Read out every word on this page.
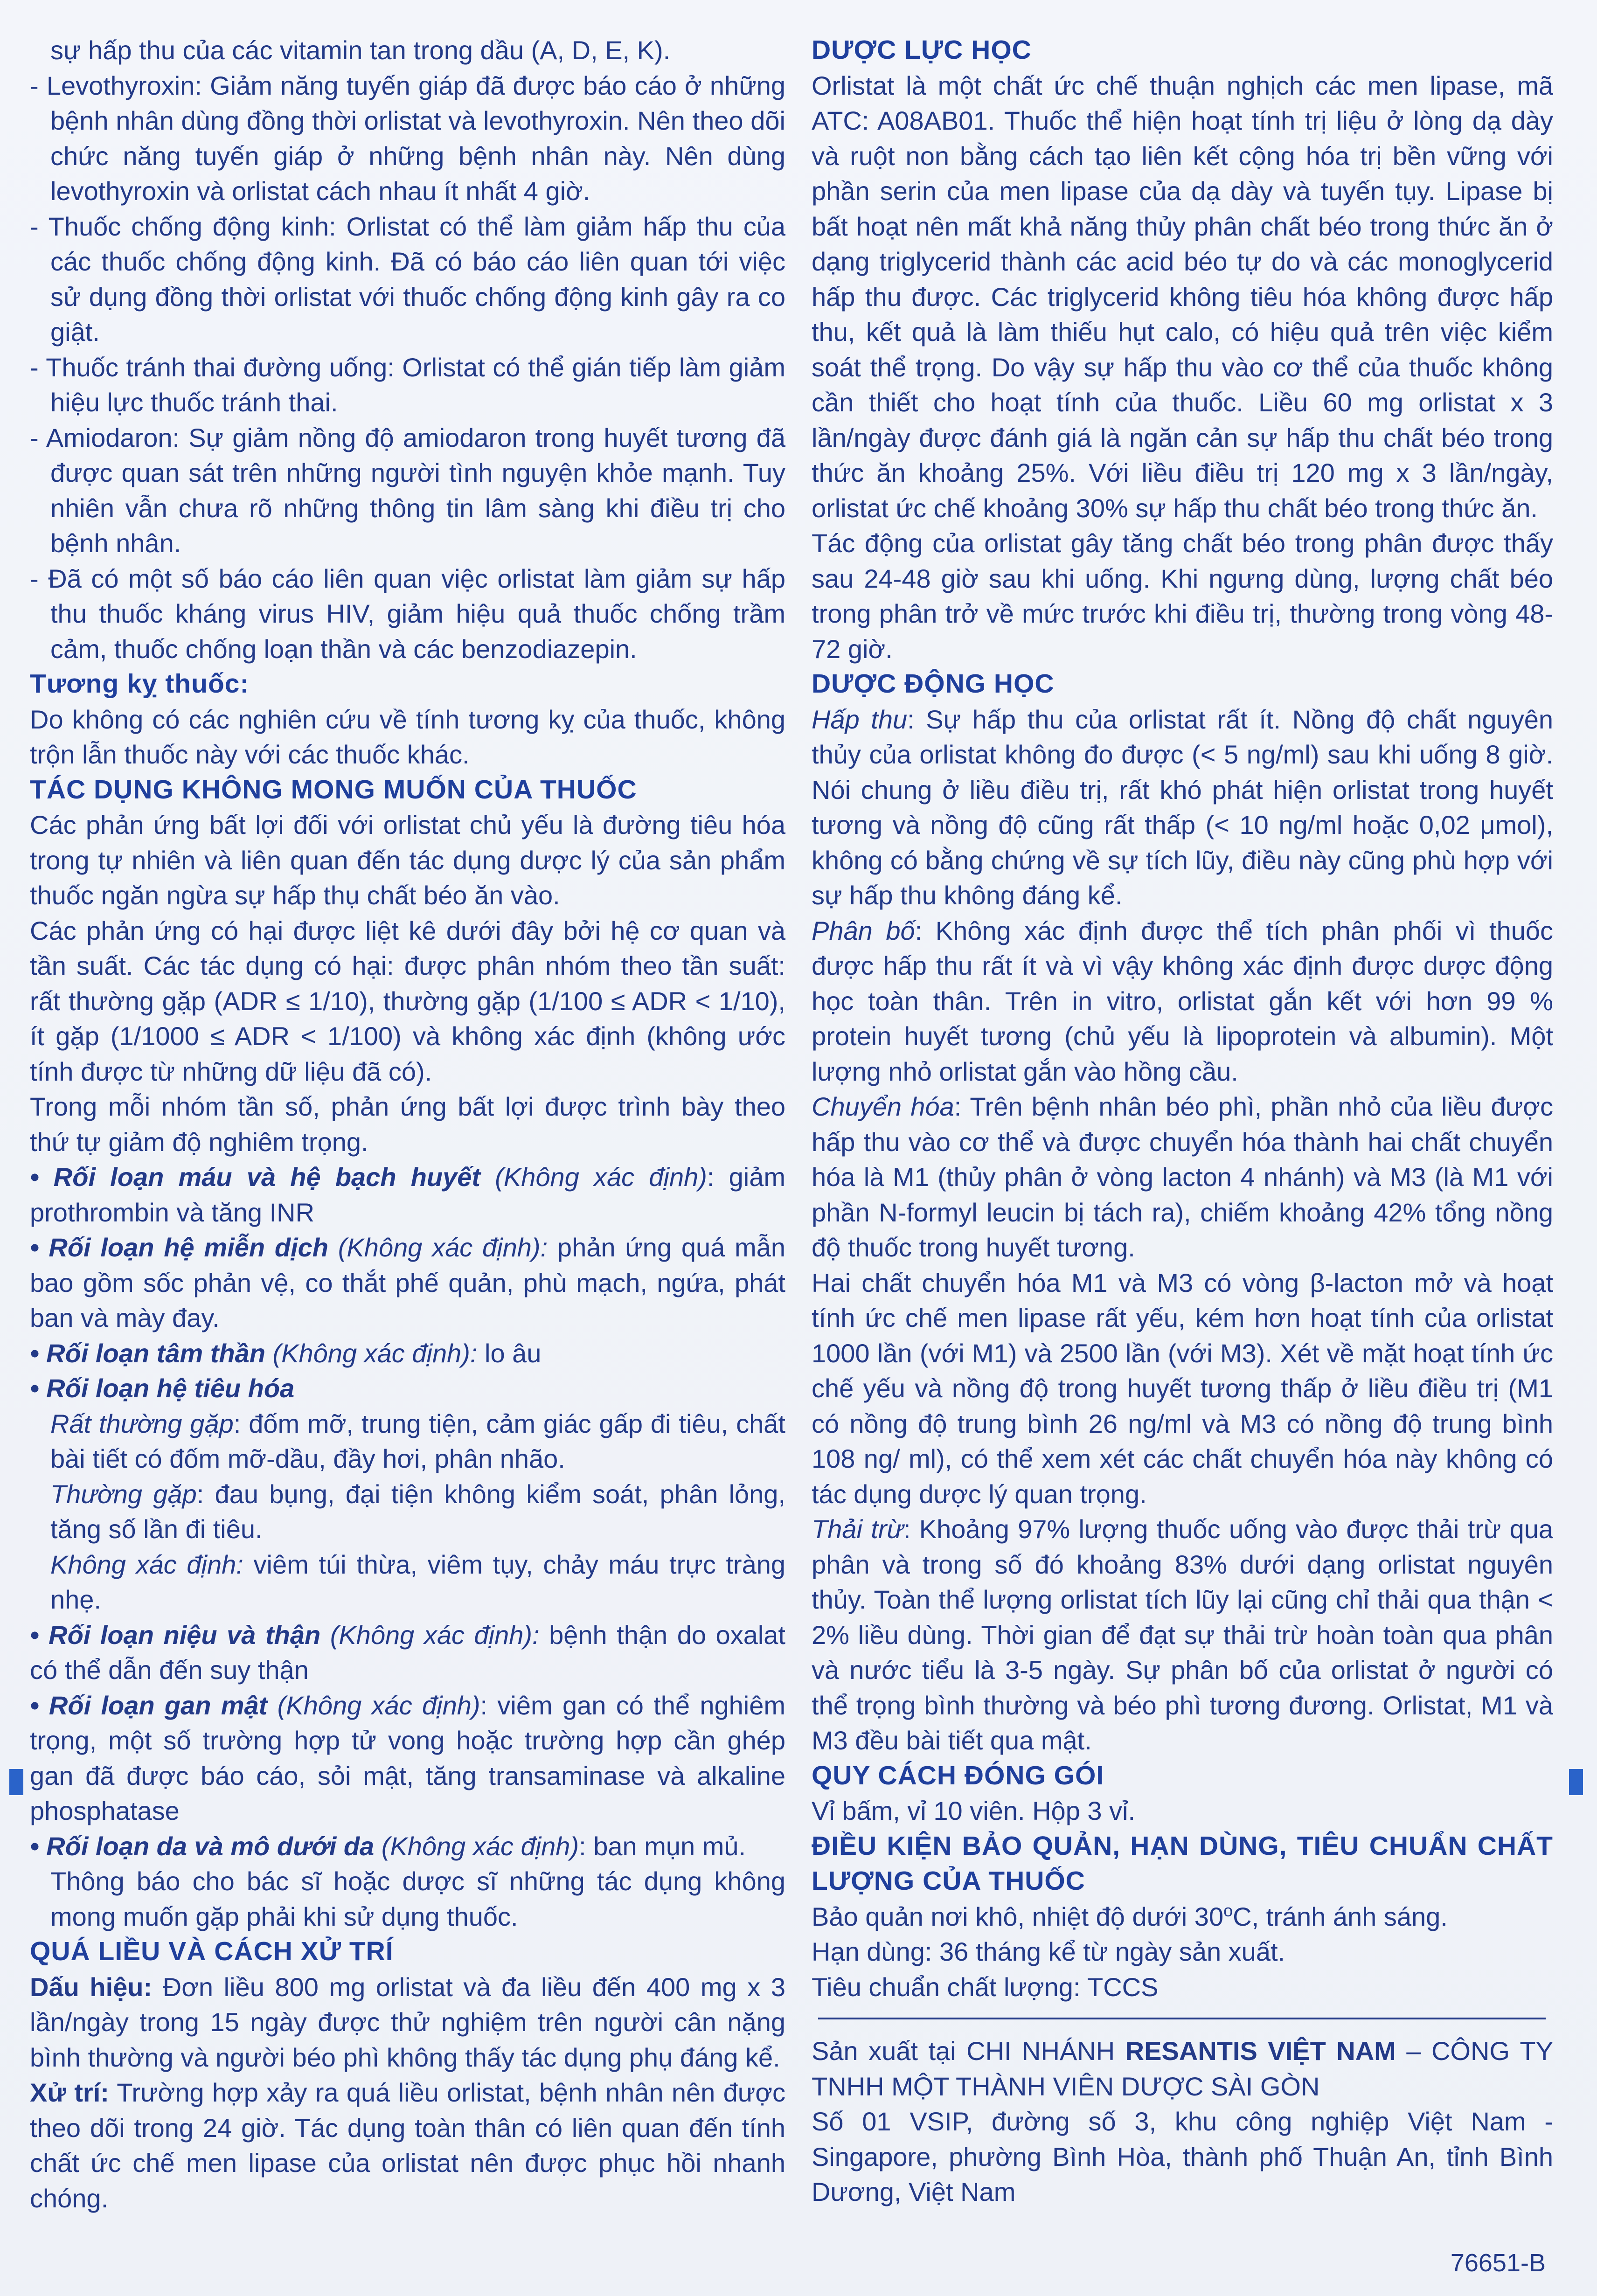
sự hấp thu của các vitamin tan trong dầu (A, D, E, K).

- Levothyroxin: Giảm năng tuyến giáp đã được báo cáo ở những bệnh nhân dùng đồng thời orlistat và levothyroxin. Nên theo dõi chức năng tuyến giáp ở những bệnh nhân này. Nên dùng levothyroxin và orlistat cách nhau ít nhất 4 giờ.

- Thuốc chống động kinh: Orlistat có thể làm giảm hấp thu của các thuốc chống động kinh. Đã có báo cáo liên quan tới việc sử dụng đồng thời orlistat với thuốc chống động kinh gây ra co giật.

- Thuốc tránh thai đường uống: Orlistat có thể gián tiếp làm giảm hiệu lực thuốc tránh thai.

- Amiodaron: Sự giảm nồng độ amiodaron trong huyết tương đã được quan sát trên những người tình nguyện khỏe mạnh. Tuy nhiên vẫn chưa rõ những thông tin lâm sàng khi điều trị cho bệnh nhân.

- Đã có một số báo cáo liên quan việc orlistat làm giảm sự hấp thu thuốc kháng virus HIV, giảm hiệu quả thuốc chống trầm cảm, thuốc chống loạn thần và các benzodiazepin.

Tương kỵ thuốc:

Do không có các nghiên cứu về tính tương kỵ của thuốc, không trộn lẫn thuốc này với các thuốc khác.

TÁC DỤNG KHÔNG MONG MUỐN CỦA THUỐC

Các phản ứng bất lợi đối với orlistat chủ yếu là đường tiêu hóa trong tự nhiên và liên quan đến tác dụng dược lý của sản phẩm thuốc ngăn ngừa sự hấp thụ chất béo ăn vào.

Các phản ứng có hại được liệt kê dưới đây bởi hệ cơ quan và tần suất. Các tác dụng có hại: được phân nhóm theo tần suất: rất thường gặp (ADR ≤ 1/10), thường gặp (1/100 ≤ ADR < 1/10), ít gặp (1/1000 ≤ ADR < 1/100) và không xác định (không ước tính được từ những dữ liệu đã có).

Trong mỗi nhóm tần số, phản ứng bất lợi được trình bày theo thứ tự giảm độ nghiêm trọng.

• Rối loạn máu và hệ bạch huyết (Không xác định): giảm prothrombin và tăng INR

• Rối loạn hệ miễn dịch (Không xác định): phản ứng quá mẫn bao gồm sốc phản vệ, co thắt phế quản, phù mạch, ngứa, phát ban và mày đay.

• Rối loạn tâm thần (Không xác định): lo âu

• Rối loạn hệ tiêu hóa

Rất thường gặp: đốm mỡ, trung tiện, cảm giác gấp đi tiêu, chất bài tiết có đốm mỡ-dầu, đầy hơi, phân nhão.

Thường gặp: đau bụng, đại tiện không kiểm soát, phân lỏng, tăng số lần đi tiêu.

Không xác định: viêm túi thừa, viêm tụy, chảy máu trực tràng nhẹ.

• Rối loạn niệu và thận (Không xác định): bệnh thận do oxalat có thể dẫn đến suy thận

• Rối loạn gan mật (Không xác định): viêm gan có thể nghiêm trọng, một số trường hợp tử vong hoặc trường hợp cần ghép gan đã được báo cáo, sỏi mật, tăng transaminase và alkaline phosphatase

• Rối loạn da và mô dưới da (Không xác định): ban mụn mủ.

Thông báo cho bác sĩ hoặc dược sĩ những tác dụng không mong muốn gặp phải khi sử dụng thuốc.

QUÁ LIỀU VÀ CÁCH XỬ TRÍ

Dấu hiệu: Đơn liều 800 mg orlistat và đa liều đến 400 mg x 3 lần/ngày trong 15 ngày được thử nghiệm trên người cân nặng bình thường và người béo phì không thấy tác dụng phụ đáng kể.

Xử trí: Trường hợp xảy ra quá liều orlistat, bệnh nhân nên được theo dõi trong 24 giờ. Tác dụng toàn thân có liên quan đến tính chất ức chế men lipase của orlistat nên được phục hồi nhanh chóng.

DƯỢC LỰC HỌC

Orlistat là một chất ức chế thuận nghịch các men lipase, mã ATC: A08AB01. Thuốc thể hiện hoạt tính trị liệu ở lòng dạ dày và ruột non bằng cách tạo liên kết cộng hóa trị bền vững với phần serin của men lipase của dạ dày và tuyến tụy. Lipase bị bất hoạt nên mất khả năng thủy phân chất béo trong thức ăn ở dạng triglycerid thành các acid béo tự do và các monoglycerid hấp thu được. Các triglycerid không tiêu hóa không được hấp thu, kết quả là làm thiếu hụt calo, có hiệu quả trên việc kiểm soát thể trọng. Do vậy sự hấp thu vào cơ thể của thuốc không cần thiết cho hoạt tính của thuốc. Liều 60 mg orlistat x 3 lần/ngày được đánh giá là ngăn cản sự hấp thu chất béo trong thức ăn khoảng 25%. Với liều điều trị 120 mg x 3 lần/ngày, orlistat ức chế khoảng 30% sự hấp thu chất béo trong thức ăn.

Tác động của orlistat gây tăng chất béo trong phân được thấy sau 24-48 giờ sau khi uống. Khi ngưng dùng, lượng chất béo trong phân trở về mức trước khi điều trị, thường trong vòng 48-72 giờ.

DƯỢC ĐỘNG HỌC

Hấp thu: Sự hấp thu của orlistat rất ít. Nồng độ chất nguyên thủy của orlistat không đo được (< 5 ng/ml) sau khi uống 8 giờ. Nói chung ở liều điều trị, rất khó phát hiện orlistat trong huyết tương và nồng độ cũng rất thấp (< 10 ng/ml hoặc 0,02 μmol), không có bằng chứng về sự tích lũy, điều này cũng phù hợp với sự hấp thu không đáng kể.

Phân bố: Không xác định được thể tích phân phối vì thuốc được hấp thu rất ít và vì vậy không xác định được dược động học toàn thân. Trên in vitro, orlistat gắn kết với hơn 99 % protein huyết tương (chủ yếu là lipoprotein và albumin). Một lượng nhỏ orlistat gắn vào hồng cầu.

Chuyển hóa: Trên bệnh nhân béo phì, phần nhỏ của liều được hấp thu vào cơ thể và được chuyển hóa thành hai chất chuyển hóa là M1 (thủy phân ở vòng lacton 4 nhánh) và M3 (là M1 với phần N-formyl leucin bị tách ra), chiếm khoảng 42% tổng nồng độ thuốc trong huyết tương.

Hai chất chuyển hóa M1 và M3 có vòng β-lacton mở và hoạt tính ức chế men lipase rất yếu, kém hơn hoạt tính của orlistat 1000 lần (với M1) và 2500 lần (với M3). Xét về mặt hoạt tính ức chế yếu và nồng độ trong huyết tương thấp ở liều điều trị (M1 có nồng độ trung bình 26 ng/ml và M3 có nồng độ trung bình 108 ng/ ml), có thể xem xét các chất chuyển hóa này không có tác dụng dược lý quan trọng.

Thải trừ: Khoảng 97% lượng thuốc uống vào được thải trừ qua phân và trong số đó khoảng 83% dưới dạng orlistat nguyên thủy. Toàn thể lượng orlistat tích lũy lại cũng chỉ thải qua thận < 2% liều dùng. Thời gian để đạt sự thải trừ hoàn toàn qua phân và nước tiểu là 3-5 ngày. Sự phân bố của orlistat ở người có thể trọng bình thường và béo phì tương đương. Orlistat, M1 và M3 đều bài tiết qua mật.

QUY CÁCH ĐÓNG GÓI

Vỉ bấm, vỉ 10 viên. Hộp 3 vỉ.

ĐIỀU KIỆN BẢO QUẢN, HẠN DÙNG, TIÊU CHUẨN CHẤT LƯỢNG CỦA THUỐC

Bảo quản nơi khô, nhiệt độ dưới 30$^o$C, tránh ánh sáng.

Hạn dùng: 36 tháng kể từ ngày sản xuất.

Tiêu chuẩn chất lượng: TCCS

Sản xuất tại CHI NHÁNH RESANTIS VIỆT NAM – CÔNG TY TNHH MỘT THÀNH VIÊN DƯỢC SÀI GÒN

Số 01 VSIP, đường số 3, khu công nghiệp Việt Nam - Singapore, phường Bình Hòa, thành phố Thuận An, tỉnh Bình Dương, Việt Nam

76651-B
